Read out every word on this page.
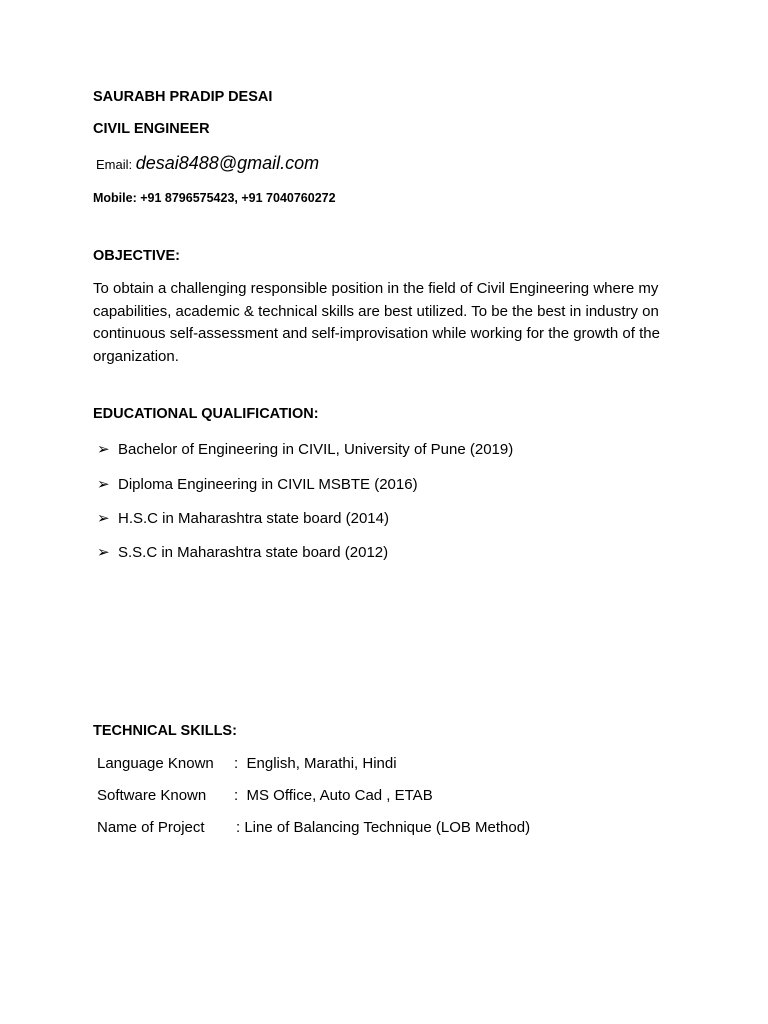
SAURABH PRADIP DESAI
CIVIL ENGINEER
Email: desai8488@gmail.com
Mobile: +91 8796575423, +91 7040760272
OBJECTIVE:
To obtain a challenging responsible position in the field of Civil Engineering where my capabilities, academic & technical skills are best utilized. To be the best in industry on continuous self-assessment and self-improvisation while working for the growth of the organization.
EDUCATIONAL QUALIFICATION:
➢ Bachelor of Engineering in CIVIL, University of Pune (2019)
➢ Diploma Engineering in CIVIL MSBTE (2016)
➢ H.S.C in Maharashtra state board (2014)
➢ S.S.C in Maharashtra state board (2012)
TECHNICAL SKILLS:
Language Known :  English, Marathi, Hindi
Software Known :  MS Office, Auto Cad , ETAB
Name of Project : Line of Balancing Technique (LOB Method)
